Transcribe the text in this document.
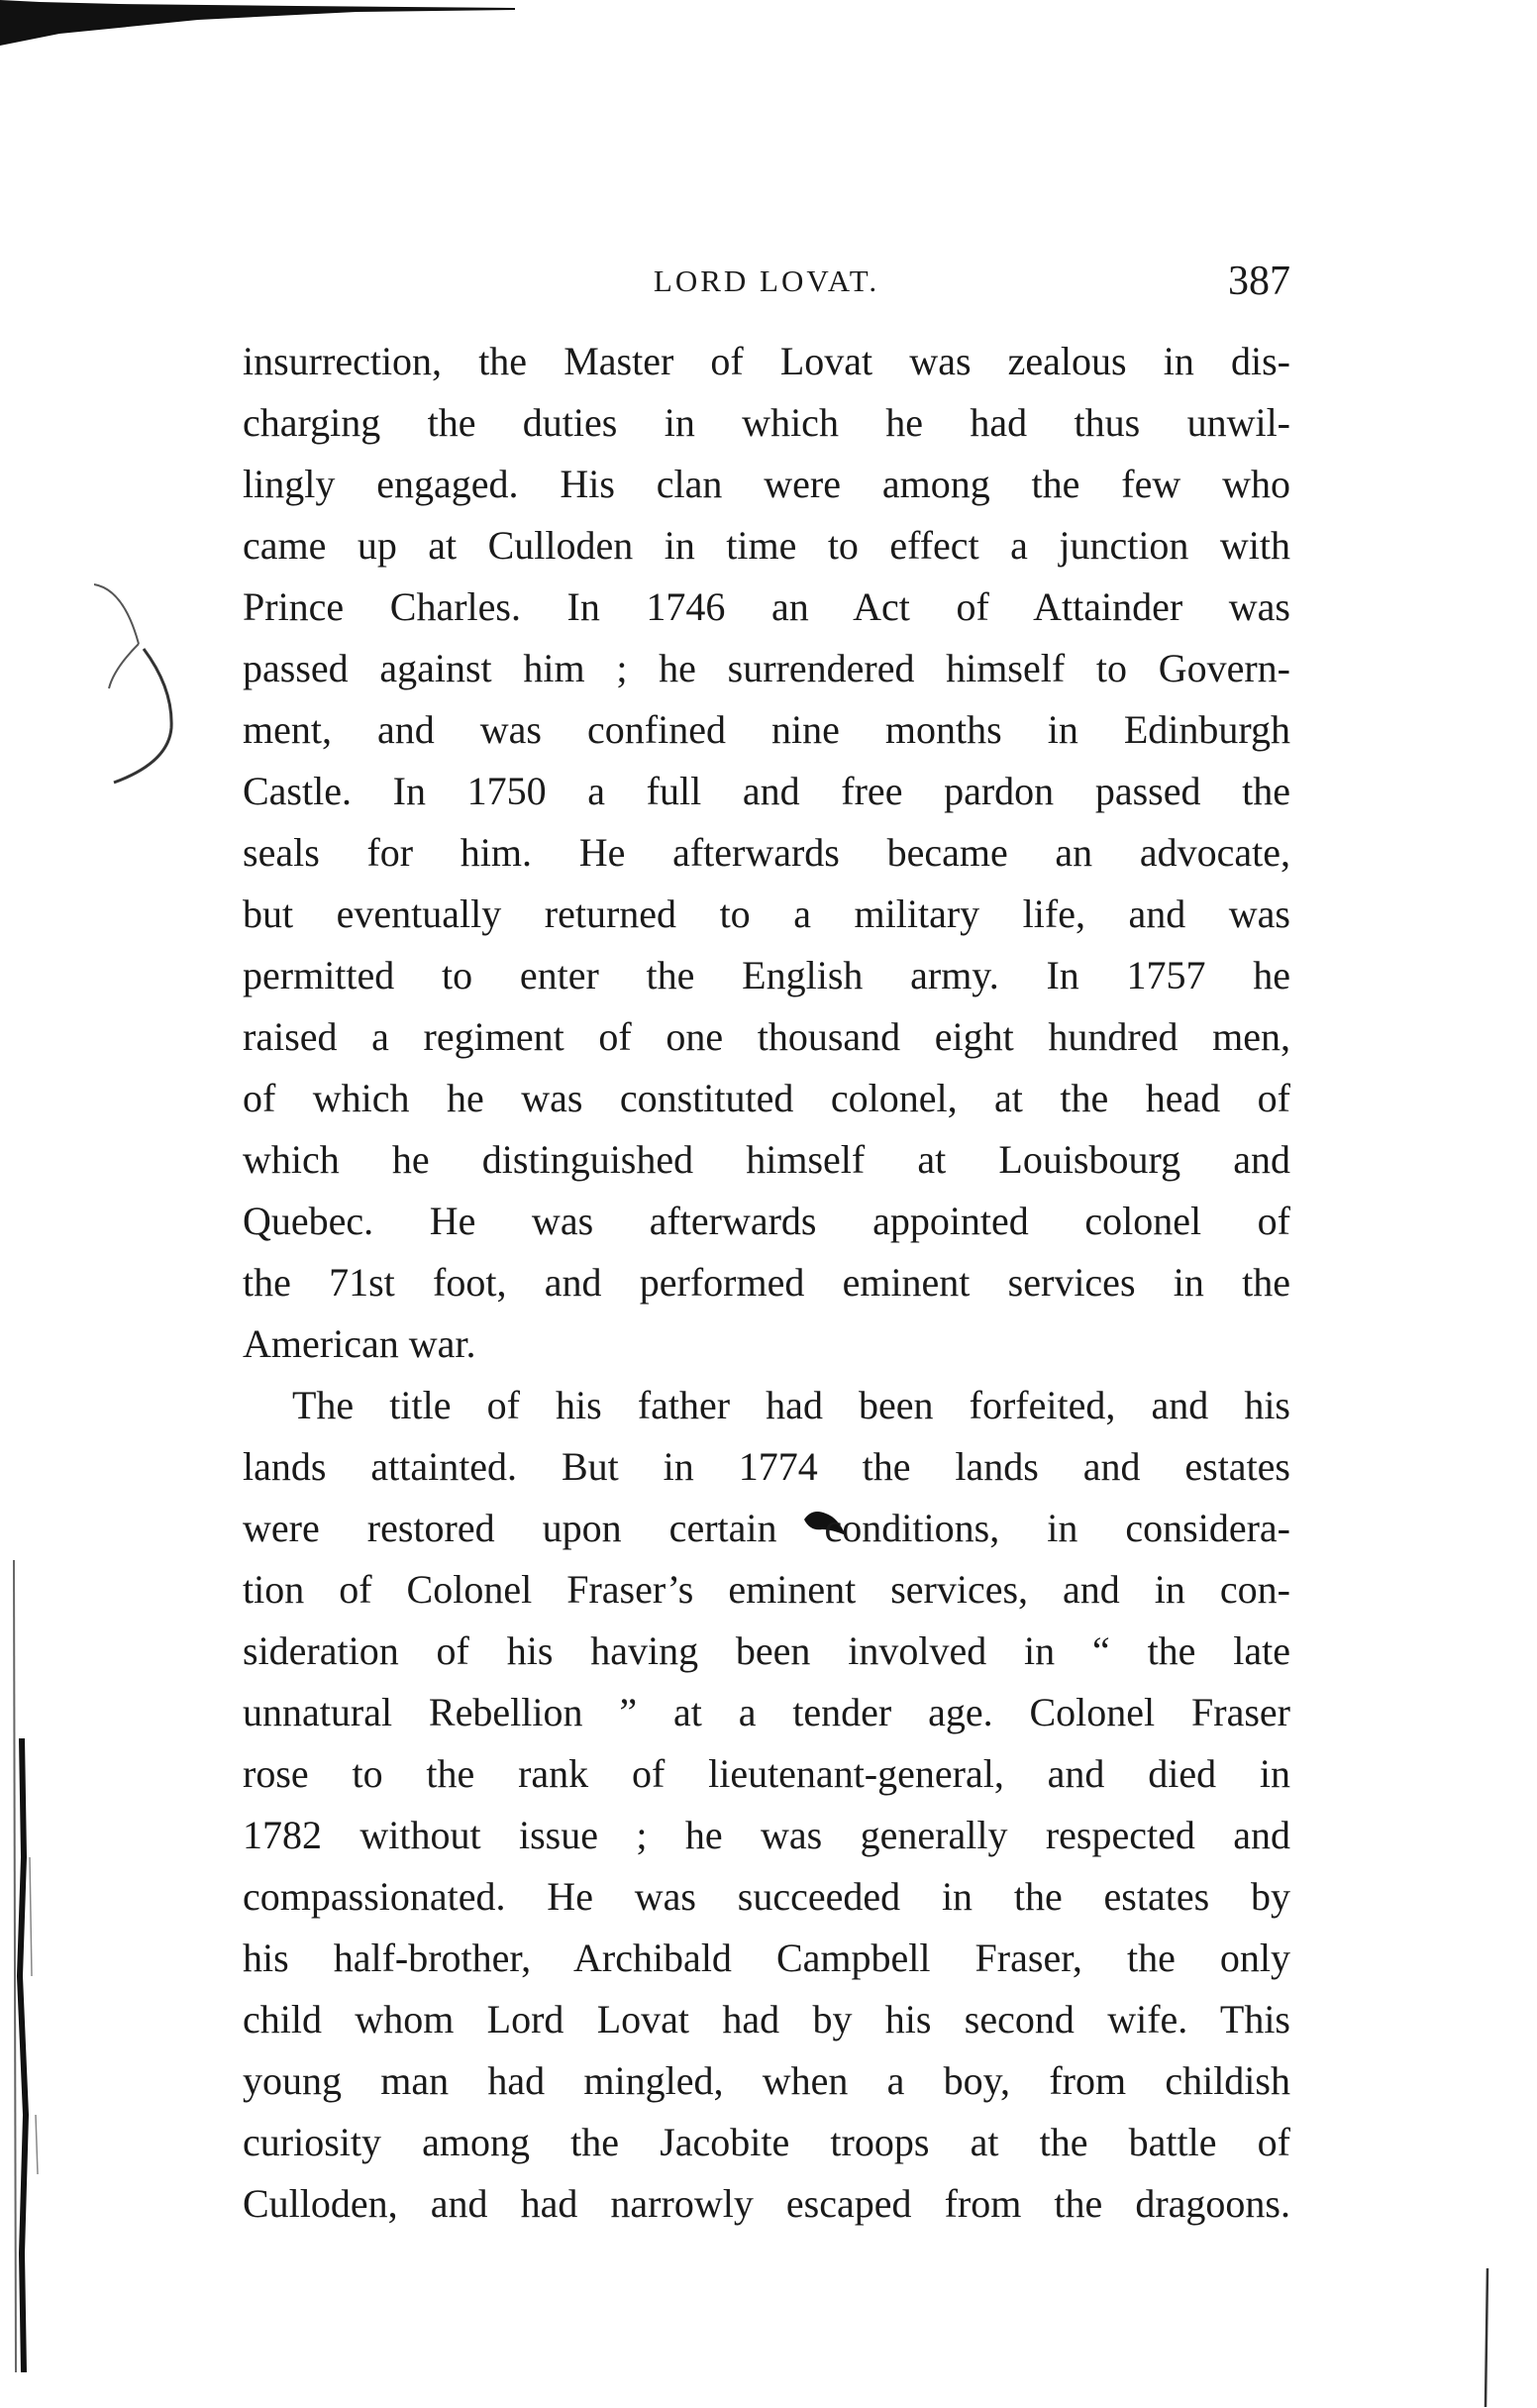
LORD LOVAT.	387

insurrection, the Master of Lovat was zealous in dis-
charging the duties in which he had thus unwil-
lingly engaged. His clan were among the few who
came up at Culloden in time to effect a junction with
Prince Charles. In 1746 an Act of Attainder was
passed against him ; he surrendered himself to Govern-
ment, and was confined nine months in Edinburgh
Castle. In 1750 a full and free pardon passed the
seals for him. He afterwards became an advocate,
but eventually returned to a military life, and was
permitted to enter the English army. In 1757 he
raised a regiment of one thousand eight hundred men,
of which he was constituted colonel, at the head of
which he distinguished himself at Louisbourg and
Quebec. He was afterwards appointed colonel of
the 71st foot, and performed eminent services in the
American war.

The title of his father had been forfeited, and his
lands attainted. But in 1774 the lands and estates
were restored upon certain conditions, in considera-
tion of Colonel Fraser’s eminent services, and in con-
sideration of his having been involved in “ the late
unnatural Rebellion ” at a tender age. Colonel Fraser
rose to the rank of lieutenant-general, and died in
1782 without issue ; he was generally respected and
compassionated. He was succeeded in the estates by
his half-brother, Archibald Campbell Fraser, the only
child whom Lord Lovat had by his second wife. This
young man had mingled, when a boy, from childish
curiosity among the Jacobite troops at the battle of
Culloden, and had narrowly escaped from the dragoons.
